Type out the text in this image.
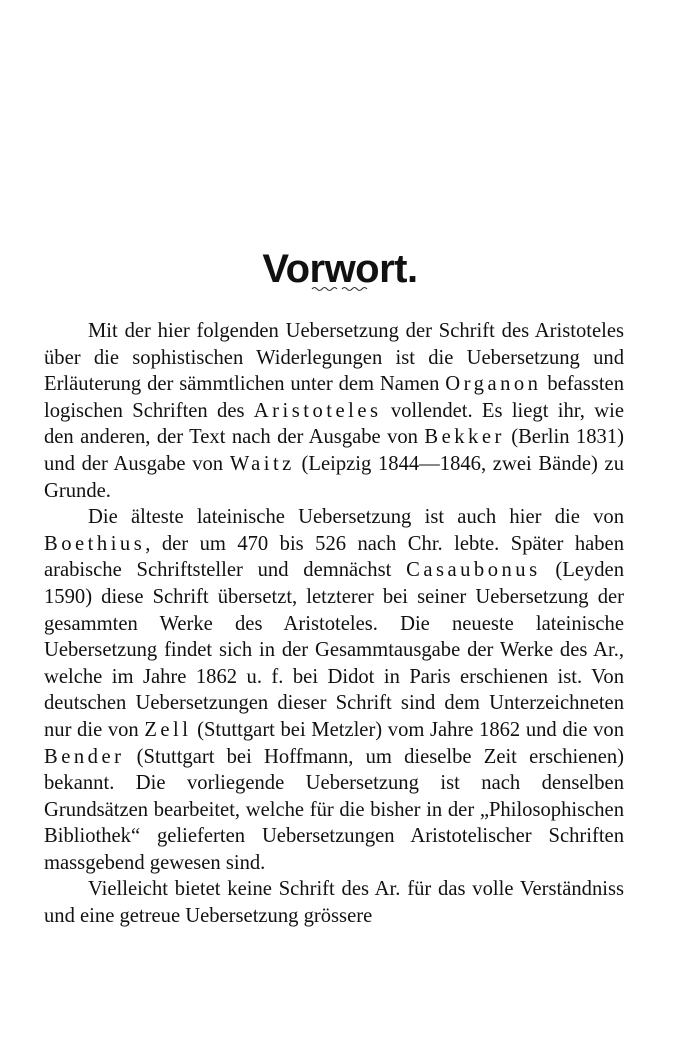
Vorwort.

Mit der hier folgenden Uebersetzung der Schrift des Aristoteles über die sophistischen Widerlegungen ist die Uebersetzung und Erläuterung der sämmtlichen unter dem Namen Organon befassten logischen Schriften des Aristoteles vollendet. Es liegt ihr, wie den anderen, der Text nach der Ausgabe von Bekker (Berlin 1831) und der Ausgabe von Waitz (Leipzig 1844—1846, zwei Bände) zu Grunde.

Die älteste lateinische Uebersetzung ist auch hier die von Boethius, der um 470 bis 526 nach Chr. lebte. Später haben arabische Schriftsteller und demnächst Casaubonus (Leyden 1590) diese Schrift übersetzt, letzterer bei seiner Uebersetzung der gesammten Werke des Aristoteles. Die neueste lateinische Uebersetzung findet sich in der Gesammtausgabe der Werke des Ar., welche im Jahre 1862 u. f. bei Didot in Paris erschienen ist. Von deutschen Uebersetzungen dieser Schrift sind dem Unterzeichneten nur die von Zell (Stuttgart bei Metzler) vom Jahre 1862 und die von Bender (Stuttgart bei Hoffmann, um dieselbe Zeit erschienen) bekannt. Die vorliegende Uebersetzung ist nach denselben Grundsätzen bearbeitet, welche für die bisher in der „Philosophischen Bibliothek“ gelieferten Uebersetzungen Aristotelischer Schriften massgebend gewesen sind.

Vielleicht bietet keine Schrift des Ar. für das volle Verständniss und eine getreue Uebersetzung grössere
